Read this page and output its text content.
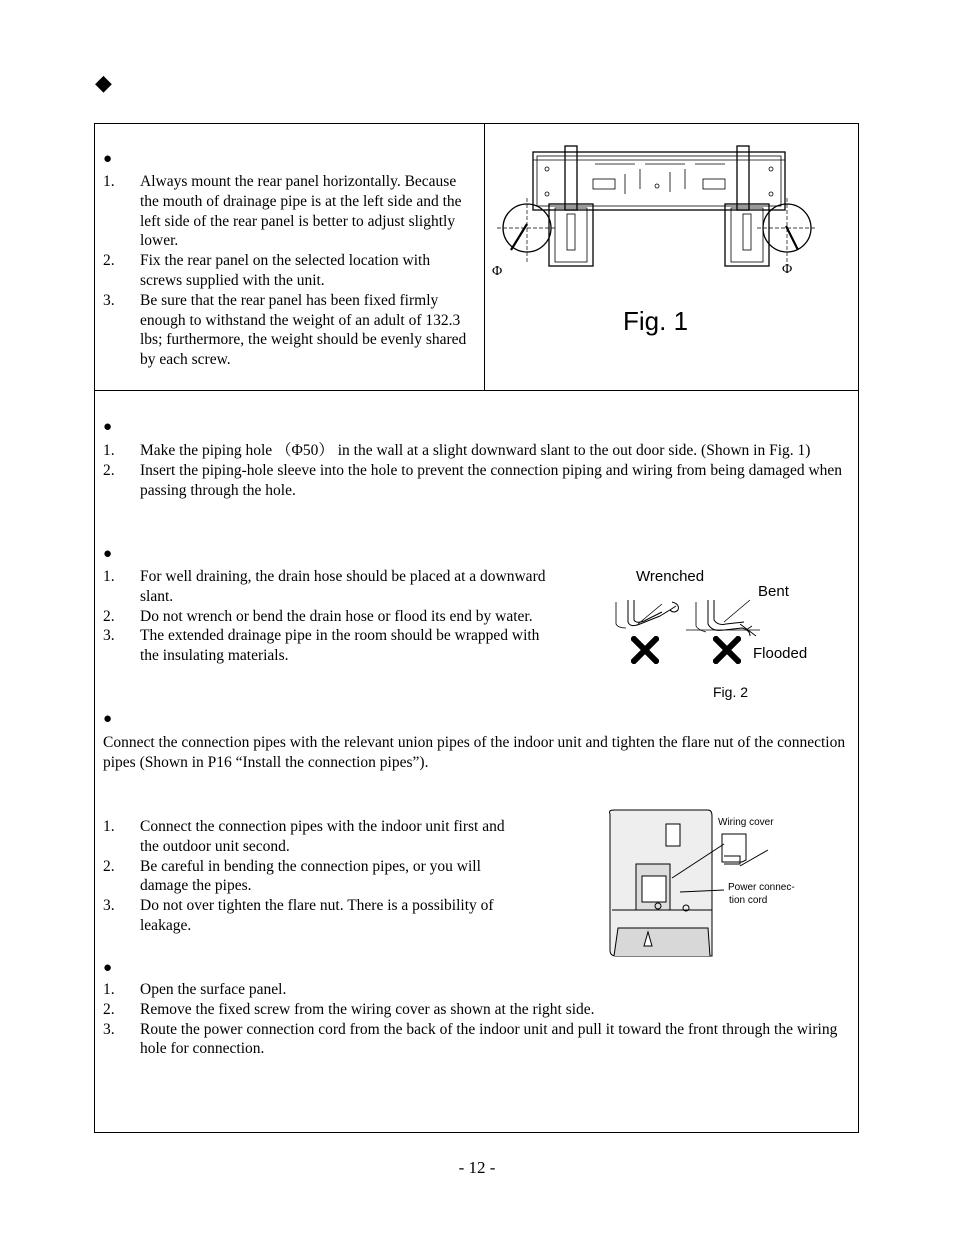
◆
●
1. Always mount the rear panel horizontally. Because the mouth of drainage pipe is at the left side and the left side of the rear panel is better to adjust slightly lower.
2. Fix the rear panel on the selected location with screws supplied with the unit.
3. Be sure that the rear panel has been fixed firmly enough to withstand the weight of an adult of 132.3 lbs; furthermore, the weight should be evenly shared by each screw.
Φ	Φ
Fig. 1
●
1. Make the piping hole （Φ50） in the wall at a slight downward slant to the out door side. (Shown in Fig. 1)
2. Insert the piping-hole sleeve into the hole to prevent the connection piping and wiring from being damaged when passing through the hole.
●
1. For well draining, the drain hose should be placed at a downward slant.
2. Do not wrench or bend the drain hose or flood its end by water.
3. The extended drainage pipe in the room should be wrapped with the insulating materials.
Wrenched
Bent
Flooded
Fig. 2
●
Connect the connection pipes with the relevant union pipes of the indoor unit and tighten the flare nut of the connection pipes (Shown in P16 “Install the connection pipes”).
1. Connect the connection pipes with the indoor unit first and the outdoor unit second.
2. Be careful in bending the connection pipes, or you will damage the pipes.
3. Do not over tighten the flare nut. There is a possibility of leakage.
Wiring cover
Power connec-
tion cord
●
1. Open the surface panel.
2. Remove the fixed screw from the wiring cover as shown at the right side.
3. Route the power connection cord from the back of the indoor unit and pull it toward the front through the wiring hole for connection.
- 12 -
